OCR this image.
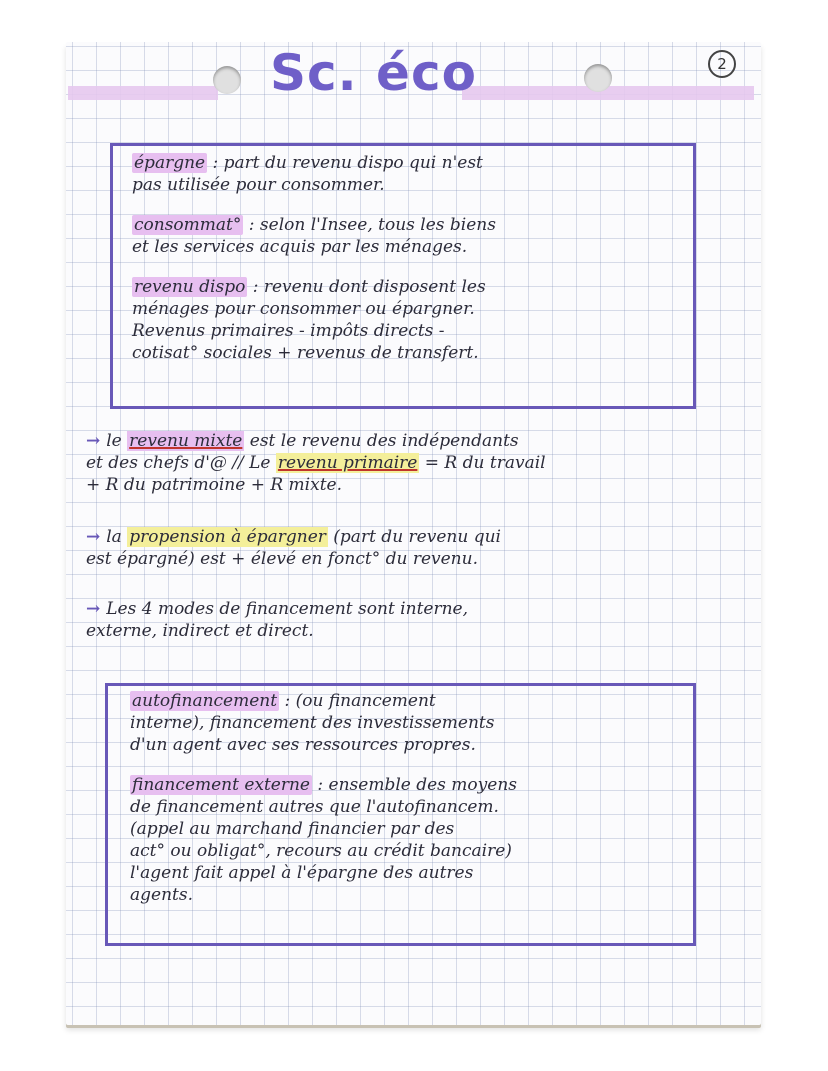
Sc. éco	2

épargne : part du revenu dispo qui n'est

pas utilisée pour consommer.

consommat° : selon l'Insee, tous les biens

et les services acquis par les ménages.

revenu dispo : revenu dont disposent les

ménages pour consommer ou épargner.

Revenus primaires - impôts directs -

cotisat° sociales + revenus de transfert.

→ le revenu mixte est le revenu des indépendants

et des chefs d'@ // Le revenu primaire = R du travail

+ R du patrimoine + R mixte.

→ la propension à épargner (part du revenu qui

est épargné) est + élevé en fonct° du revenu.

→ Les 4 modes de financement sont interne,

externe, indirect et direct.

autofinancement : (ou financement

interne), financement des investissements

d'un agent avec ses ressources propres.

financement externe : ensemble des moyens

de financement autres que l'autofinancem.

(appel au marchand financier par des

act° ou obligat°, recours au crédit bancaire)

l'agent fait appel à l'épargne des autres

agents.
